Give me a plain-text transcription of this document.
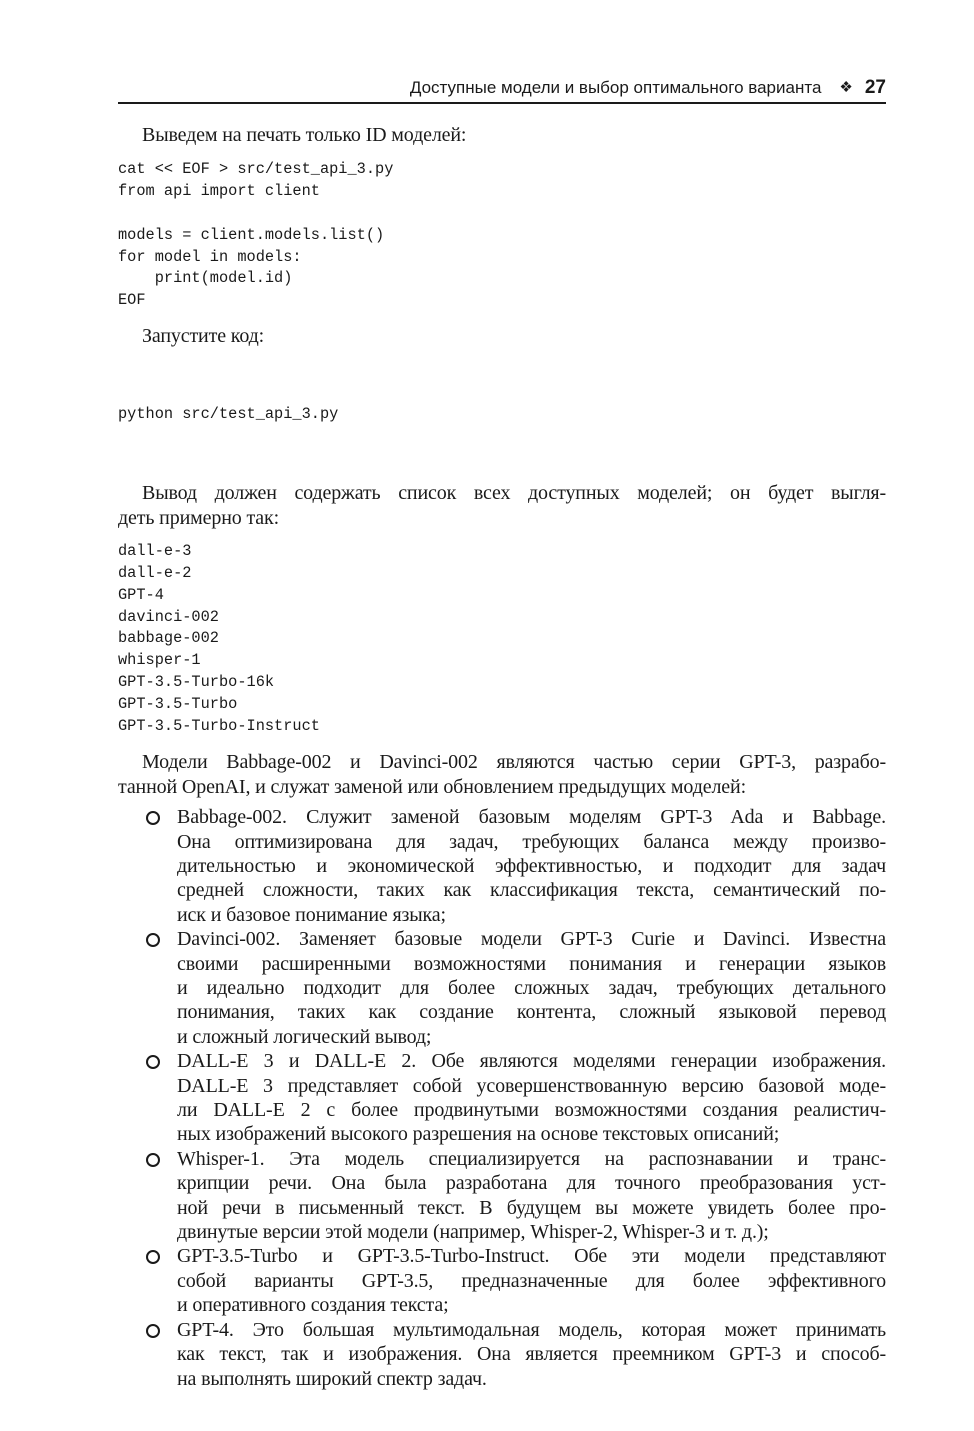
Доступные модели и выбор оптимального варианта ❖ 27
Выведем на печать только ID моделей:
cat << EOF > src/test_api_3.py
from api import client
models = client.models.list()
for model in models:
print(model.id)
EOF
Запустите код:

python src/test_api_3.py

Вывод должен содержать список всех доступных моделей; он будет выгля-
деть примерно так:
dall-e-3
dall-e-2
GPT-4
davinci-002
babbage-002
whisper-1
GPT-3.5-Turbo-16k
GPT-3.5-Turbo
GPT-3.5-Turbo-Instruct
Модели Babbage-002 и Davinci-002 являются частью серии GPT-3, разрабо-
танной OpenAI, и служат заменой или обновлением предыдущих моделей:
Babbage-002. Служит заменой базовым моделям GPT-3 Ada и Babbage.
Она оптимизирована для задач, требующих баланса между произво-
дительностью и экономической эффективностью, и подходит для задач
средней сложности, таких как классификация текста, семантический по-
иск и базовое понимание языка;
Davinci-002. Заменяет базовые модели GPT-3 Curie и Davinci. Известна
своими расширенными возможностями понимания и генерации языков
и идеально подходит для более сложных задач, требующих детального
понимания, таких как создание контента, сложный языковой перевод
и сложный логический вывод;
DALL-E 3 и DALL-E 2. Обе являются моделями генерации изображения.
DALL-E 3 представляет собой усовершенствованную версию базовой моде-
ли DALL-E 2 с более продвинутыми возможностями создания реалистич-
ных изображений высокого разрешения на основе текстовых описаний;
Whisper-1. Эта модель специализируется на распознавании и транс-
крипции речи. Она была разработана для точного преобразования уст-
ной речи в письменный текст. В будущем вы можете увидеть более про-
двинутые версии этой модели (например, Whisper-2, Whisper-3 и т. д.);
GPT-3.5-Turbo и GPT-3.5-Turbo-Instruct. Обе эти модели представляют
собой варианты GPT-3.5, предназначенные для более эффективного
и оперативного создания текста;
GPT-4. Это большая мультимодальная модель, которая может принимать
как текст, так и изображения. Она является преемником GPT-3 и способ-
на выполнять широкий спектр задач.
